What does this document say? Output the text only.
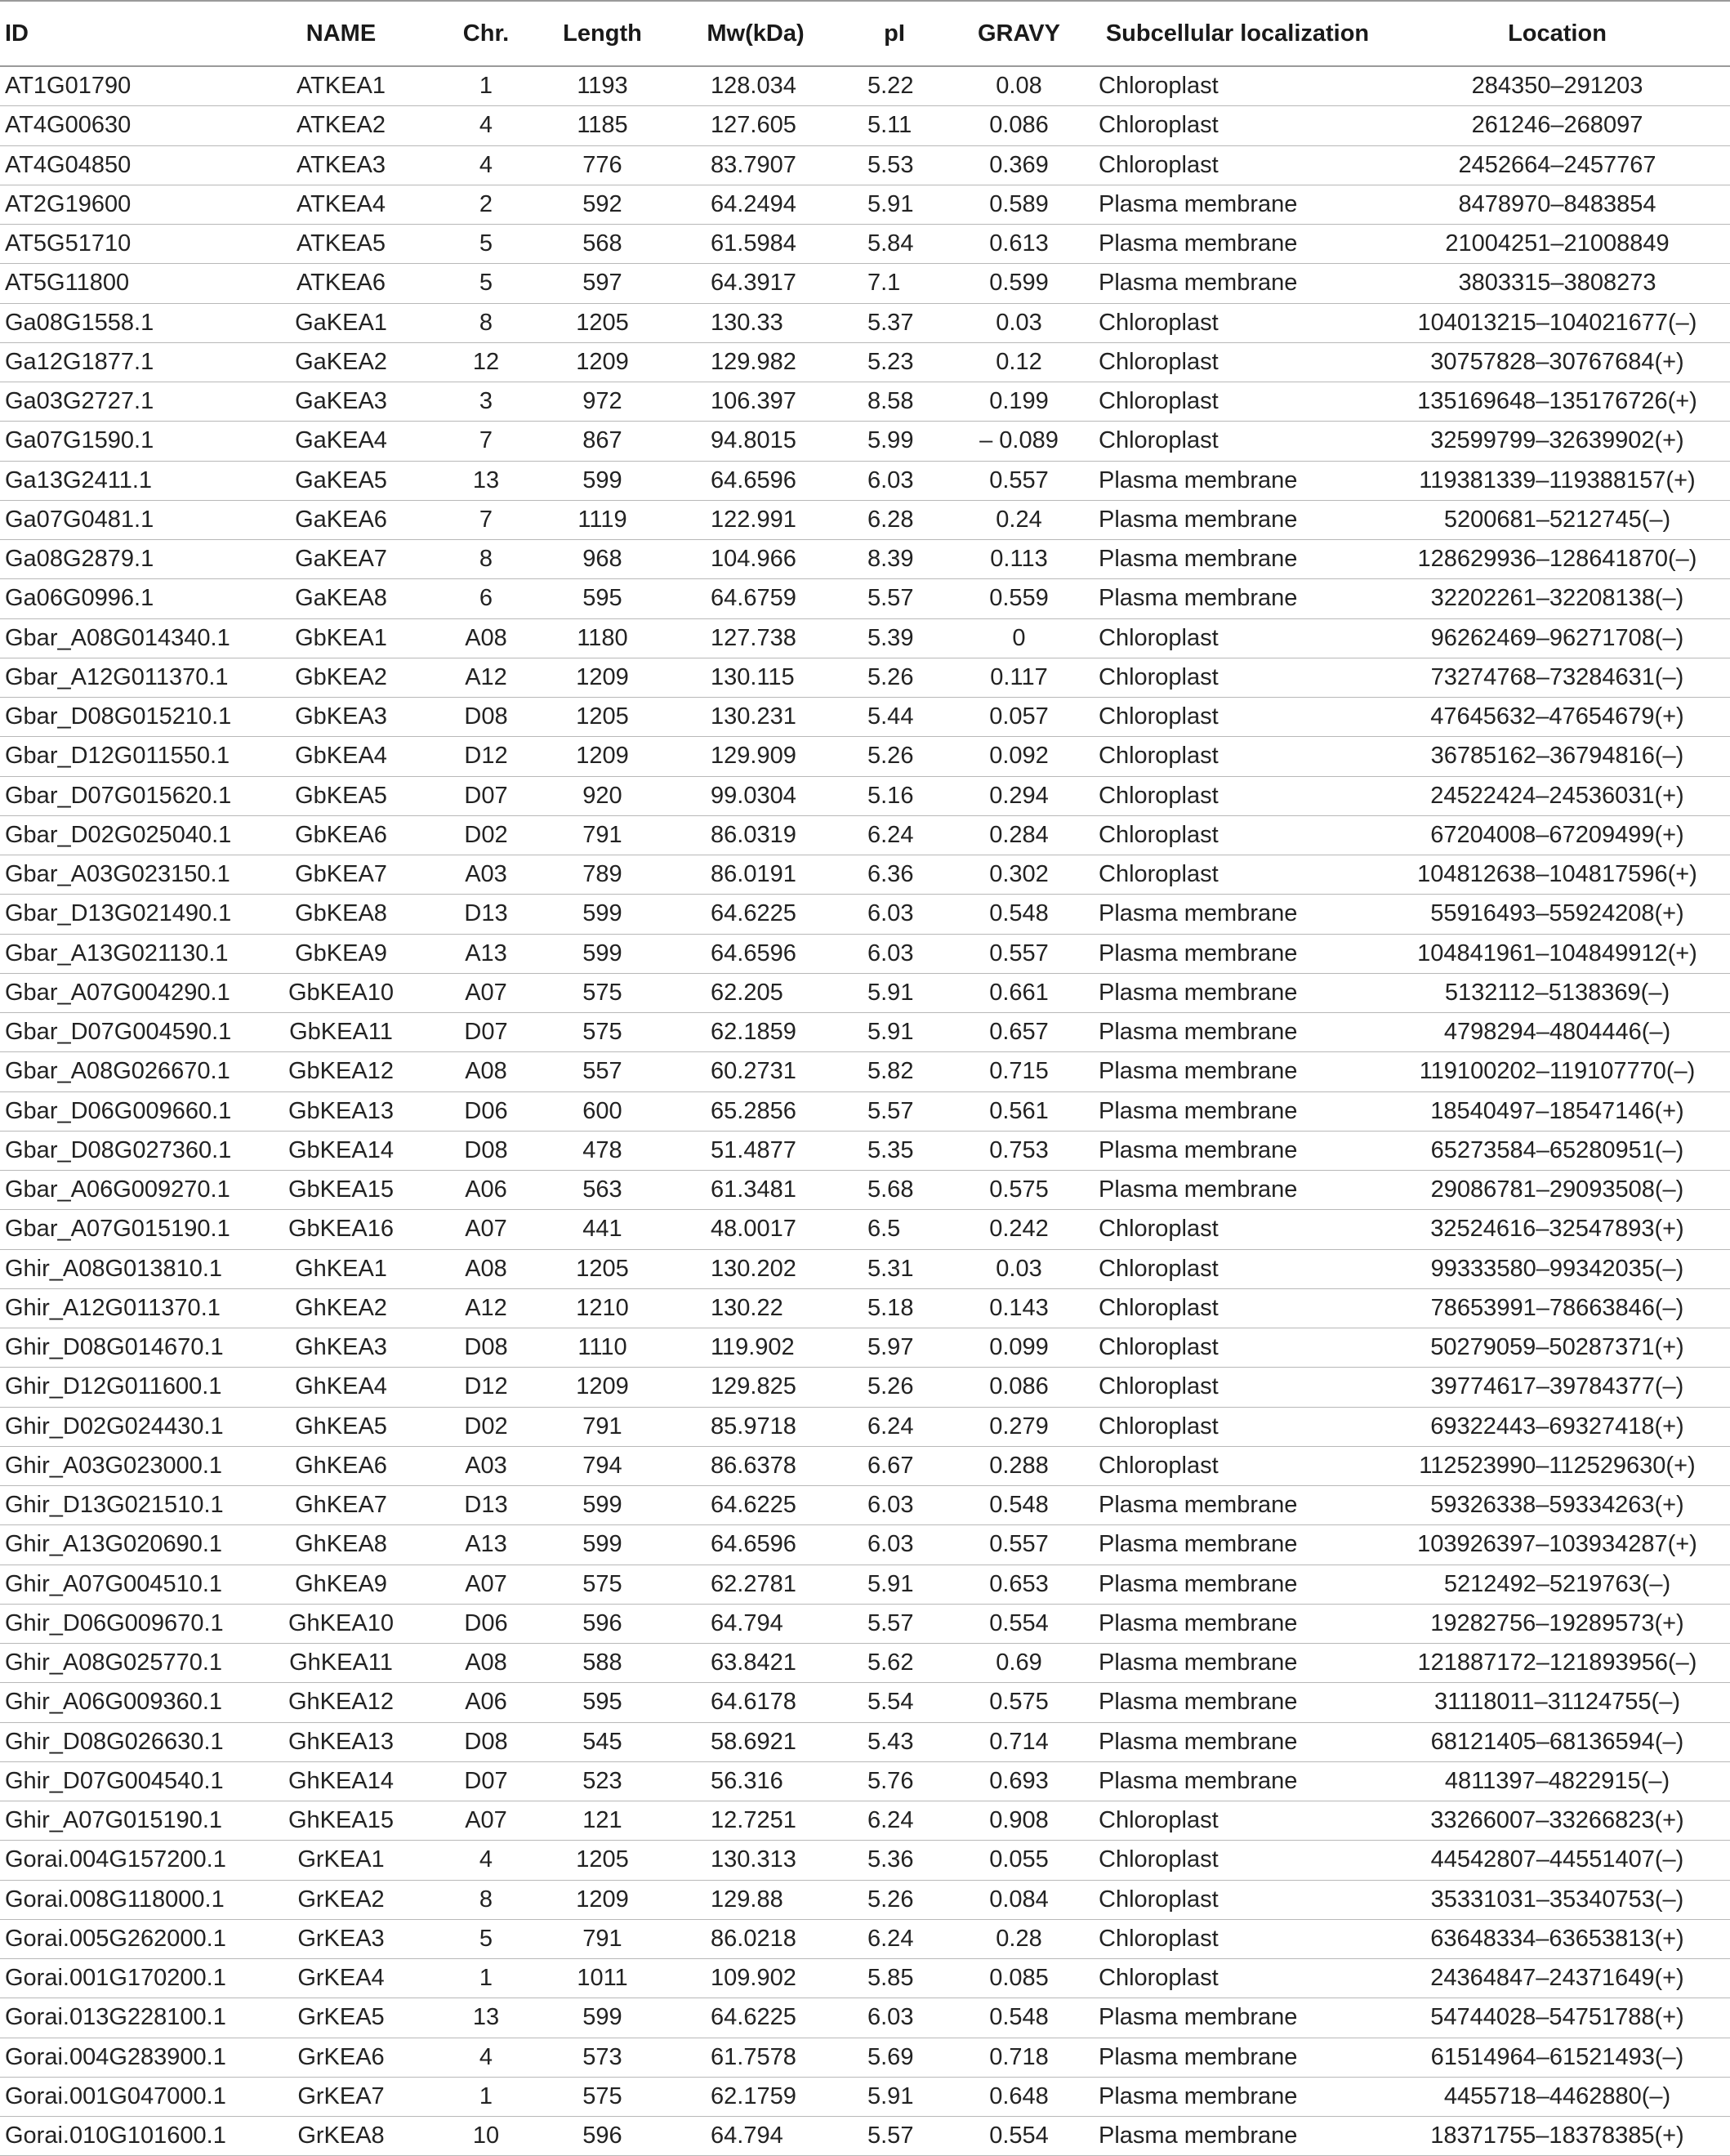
ID	NAME	Chr.	Length	Mw(kDa)	pI	GRAVY	Subcellular localization	Location
AT1G01790	ATKEA1	1	1193	128.034	5.22	0.08	Chloroplast	284350–291203
AT4G00630	ATKEA2	4	1185	127.605	5.11	0.086	Chloroplast	261246–268097
AT4G04850	ATKEA3	4	776	83.7907	5.53	0.369	Chloroplast	2452664–2457767
AT2G19600	ATKEA4	2	592	64.2494	5.91	0.589	Plasma membrane	8478970–8483854
AT5G51710	ATKEA5	5	568	61.5984	5.84	0.613	Plasma membrane	21004251–21008849
AT5G11800	ATKEA6	5	597	64.3917	7.1	0.599	Plasma membrane	3803315–3808273
Ga08G1558.1	GaKEA1	8	1205	130.33	5.37	0.03	Chloroplast	104013215–104021677(–)
Ga12G1877.1	GaKEA2	12	1209	129.982	5.23	0.12	Chloroplast	30757828–30767684(+)
Ga03G2727.1	GaKEA3	3	972	106.397	8.58	0.199	Chloroplast	135169648–135176726(+)
Ga07G1590.1	GaKEA4	7	867	94.8015	5.99	– 0.089	Chloroplast	32599799–32639902(+)
Ga13G2411.1	GaKEA5	13	599	64.6596	6.03	0.557	Plasma membrane	119381339–119388157(+)
Ga07G0481.1	GaKEA6	7	1119	122.991	6.28	0.24	Plasma membrane	5200681–5212745(–)
Ga08G2879.1	GaKEA7	8	968	104.966	8.39	0.113	Plasma membrane	128629936–128641870(–)
Ga06G0996.1	GaKEA8	6	595	64.6759	5.57	0.559	Plasma membrane	32202261–32208138(–)
Gbar_A08G014340.1	GbKEA1	A08	1180	127.738	5.39	0	Chloroplast	96262469–96271708(–)
Gbar_A12G011370.1	GbKEA2	A12	1209	130.115	5.26	0.117	Chloroplast	73274768–73284631(–)
Gbar_D08G015210.1	GbKEA3	D08	1205	130.231	5.44	0.057	Chloroplast	47645632–47654679(+)
Gbar_D12G011550.1	GbKEA4	D12	1209	129.909	5.26	0.092	Chloroplast	36785162–36794816(–)
Gbar_D07G015620.1	GbKEA5	D07	920	99.0304	5.16	0.294	Chloroplast	24522424–24536031(+)
Gbar_D02G025040.1	GbKEA6	D02	791	86.0319	6.24	0.284	Chloroplast	67204008–67209499(+)
Gbar_A03G023150.1	GbKEA7	A03	789	86.0191	6.36	0.302	Chloroplast	104812638–104817596(+)
Gbar_D13G021490.1	GbKEA8	D13	599	64.6225	6.03	0.548	Plasma membrane	55916493–55924208(+)
Gbar_A13G021130.1	GbKEA9	A13	599	64.6596	6.03	0.557	Plasma membrane	104841961–104849912(+)
Gbar_A07G004290.1	GbKEA10	A07	575	62.205	5.91	0.661	Plasma membrane	5132112–5138369(–)
Gbar_D07G004590.1	GbKEA11	D07	575	62.1859	5.91	0.657	Plasma membrane	4798294–4804446(–)
Gbar_A08G026670.1	GbKEA12	A08	557	60.2731	5.82	0.715	Plasma membrane	119100202–119107770(–)
Gbar_D06G009660.1	GbKEA13	D06	600	65.2856	5.57	0.561	Plasma membrane	18540497–18547146(+)
Gbar_D08G027360.1	GbKEA14	D08	478	51.4877	5.35	0.753	Plasma membrane	65273584–65280951(–)
Gbar_A06G009270.1	GbKEA15	A06	563	61.3481	5.68	0.575	Plasma membrane	29086781–29093508(–)
Gbar_A07G015190.1	GbKEA16	A07	441	48.0017	6.5	0.242	Chloroplast	32524616–32547893(+)
Ghir_A08G013810.1	GhKEA1	A08	1205	130.202	5.31	0.03	Chloroplast	99333580–99342035(–)
Ghir_A12G011370.1	GhKEA2	A12	1210	130.22	5.18	0.143	Chloroplast	78653991–78663846(–)
Ghir_D08G014670.1	GhKEA3	D08	1110	119.902	5.97	0.099	Chloroplast	50279059–50287371(+)
Ghir_D12G011600.1	GhKEA4	D12	1209	129.825	5.26	0.086	Chloroplast	39774617–39784377(–)
Ghir_D02G024430.1	GhKEA5	D02	791	85.9718	6.24	0.279	Chloroplast	69322443–69327418(+)
Ghir_A03G023000.1	GhKEA6	A03	794	86.6378	6.67	0.288	Chloroplast	112523990–112529630(+)
Ghir_D13G021510.1	GhKEA7	D13	599	64.6225	6.03	0.548	Plasma membrane	59326338–59334263(+)
Ghir_A13G020690.1	GhKEA8	A13	599	64.6596	6.03	0.557	Plasma membrane	103926397–103934287(+)
Ghir_A07G004510.1	GhKEA9	A07	575	62.2781	5.91	0.653	Plasma membrane	5212492–5219763(–)
Ghir_D06G009670.1	GhKEA10	D06	596	64.794	5.57	0.554	Plasma membrane	19282756–19289573(+)
Ghir_A08G025770.1	GhKEA11	A08	588	63.8421	5.62	0.69	Plasma membrane	121887172–121893956(–)
Ghir_A06G009360.1	GhKEA12	A06	595	64.6178	5.54	0.575	Plasma membrane	31118011–31124755(–)
Ghir_D08G026630.1	GhKEA13	D08	545	58.6921	5.43	0.714	Plasma membrane	68121405–68136594(–)
Ghir_D07G004540.1	GhKEA14	D07	523	56.316	5.76	0.693	Plasma membrane	4811397–4822915(–)
Ghir_A07G015190.1	GhKEA15	A07	121	12.7251	6.24	0.908	Chloroplast	33266007–33266823(+)
Gorai.004G157200.1	GrKEA1	4	1205	130.313	5.36	0.055	Chloroplast	44542807–44551407(–)
Gorai.008G118000.1	GrKEA2	8	1209	129.88	5.26	0.084	Chloroplast	35331031–35340753(–)
Gorai.005G262000.1	GrKEA3	5	791	86.0218	6.24	0.28	Chloroplast	63648334–63653813(+)
Gorai.001G170200.1	GrKEA4	1	1011	109.902	5.85	0.085	Chloroplast	24364847–24371649(+)
Gorai.013G228100.1	GrKEA5	13	599	64.6225	6.03	0.548	Plasma membrane	54744028–54751788(+)
Gorai.004G283900.1	GrKEA6	4	573	61.7578	5.69	0.718	Plasma membrane	61514964–61521493(–)
Gorai.001G047000.1	GrKEA7	1	575	62.1759	5.91	0.648	Plasma membrane	4455718–4462880(–)
Gorai.010G101600.1	GrKEA8	10	596	64.794	5.57	0.554	Plasma membrane	18371755–18378385(+)
